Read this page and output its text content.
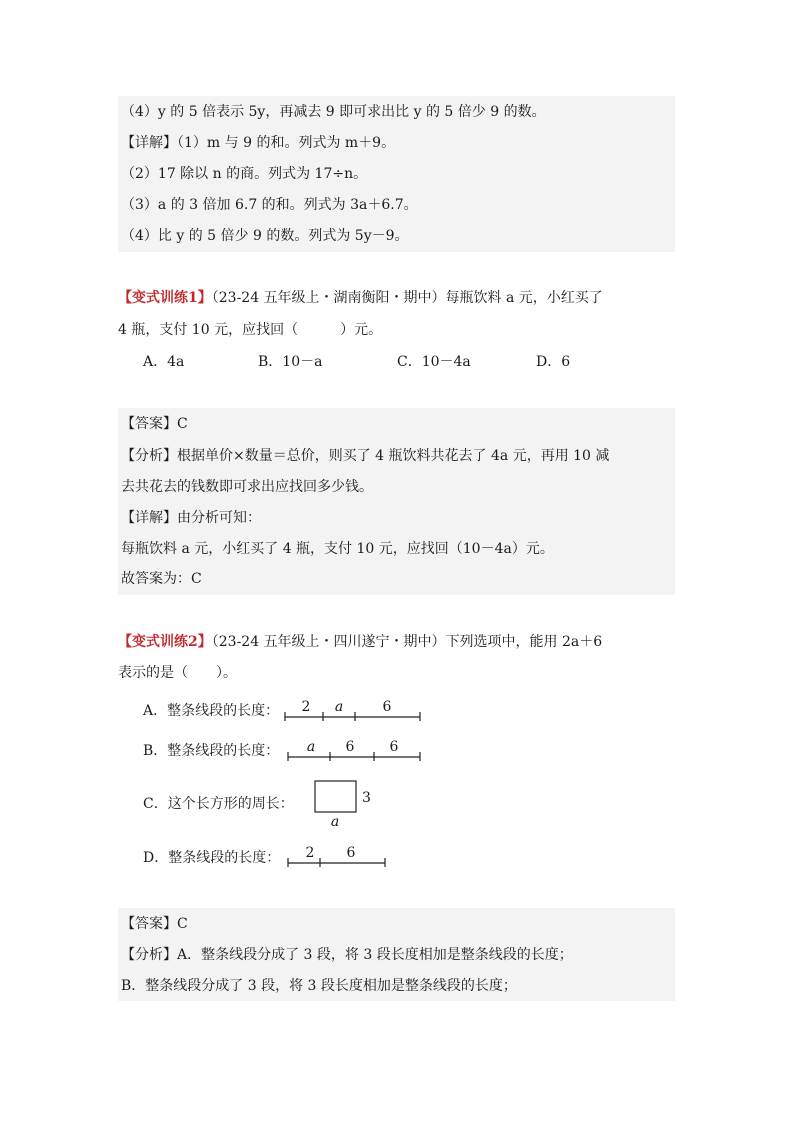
（4）y 的 5 倍表示 5y，再减去 9 即可求出比 y 的 5 倍少 9 的数。
【详解】（1）m 与 9 的和。列式为 m＋9。
（2）17 除以 n 的商。列式为 17÷n。
（3）a 的 3 倍加 6.7 的和。列式为 3a＋6.7。
（4）比 y 的 5 倍少 9 的数。列式为 5y－9。
【变式训练1】（23-24 五年级上・湖南衡阳・期中）每瓶饮料 a 元，小红买了
4 瓶，支付 10 元，应找回（　　　）元。
A．4a	B．10－a	C．10－4a	D．6
【答案】C
【分析】根据单价×数量＝总价，则买了 4 瓶饮料共花去了 4a 元，再用 10 减
去共花去的钱数即可求出应找回多少钱。
【详解】由分析可知：
每瓶饮料 a 元，小红买了 4 瓶，支付 10 元，应找回（10－4a）元。
故答案为：C
【变式训练2】（23-24 五年级上・四川遂宁・期中）下列选项中，能用 2a＋6
表示的是（　　）。
A．整条线段的长度： 2 a	6
B．整条线段的长度： a 6	6
C．这个长方形的周长：	3
a
D．整条线段的长度： 2 6
【答案】C
【分析】A．整条线段分成了 3 段，将 3 段长度相加是整条线段的长度；
B．整条线段分成了 3 段，将 3 段长度相加是整条线段的长度；
